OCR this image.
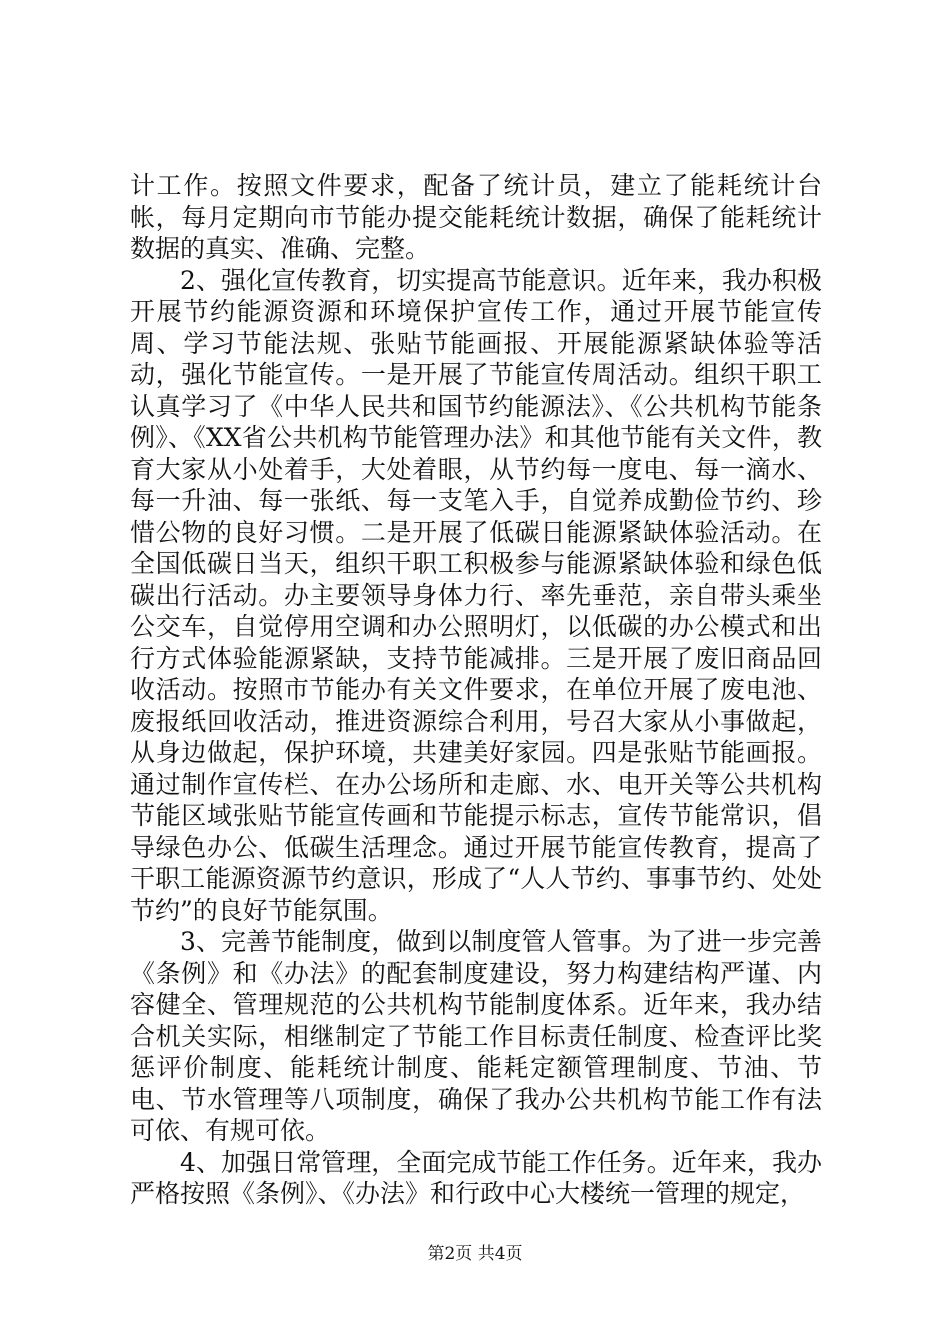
计工作。按照文件要求，配备了统计员，建立了能耗统计台帐，每月定期向市节能办提交能耗统计数据，确保了能耗统计数据的真实、准确、完整。

2、强化宣传教育，切实提高节能意识。近年来，我办积极开展节约能源资源和环境保护宣传工作，通过开展节能宣传周、学习节能法规、张贴节能画报、开展能源紧缺体验等活动，强化节能宣传。一是开展了节能宣传周活动。组织干职工认真学习了《中华人民共和国节约能源法》、《公共机构节能条例》、《XX省公共机构节能管理办法》和其他节能有关文件，教育大家从小处着手，大处着眼，从节约每一度电、每一滴水、每一升油、每一张纸、每一支笔入手，自觉养成勤俭节约、珍惜公物的良好习惯。二是开展了低碳日能源紧缺体验活动。在全国低碳日当天，组织干职工积极参与能源紧缺体验和绿色低碳出行活动。办主要领导身体力行、率先垂范，亲自带头乘坐公交车，自觉停用空调和办公照明灯，以低碳的办公模式和出行方式体验能源紧缺，支持节能减排。三是开展了废旧商品回收活动。按照市节能办有关文件要求，在单位开展了废电池、废报纸回收活动，推进资源综合利用，号召大家从小事做起，从身边做起，保护环境，共建美好家园。四是张贴节能画报。通过制作宣传栏、在办公场所和走廊、水、电开关等公共机构节能区域张贴节能宣传画和节能提示标志，宣传节能常识，倡导绿色办公、低碳生活理念。通过开展节能宣传教育，提高了干职工能源资源节约意识，形成了“人人节约、事事节约、处处节约”的良好节能氛围。

3、完善节能制度，做到以制度管人管事。为了进一步完善《条例》和《办法》的配套制度建设，努力构建结构严谨、内容健全、管理规范的公共机构节能制度体系。近年来，我办结合机关实际，相继制定了节能工作目标责任制度、检查评比奖惩评价制度、能耗统计制度、能耗定额管理制度、节油、节电、节水管理等八项制度，确保了我办公共机构节能工作有法可依、有规可依。

4、加强日常管理，全面完成节能工作任务。近年来，我办严格按照《条例》、《办法》和行政中心大楼统一管理的规定，

第2页 共4页
